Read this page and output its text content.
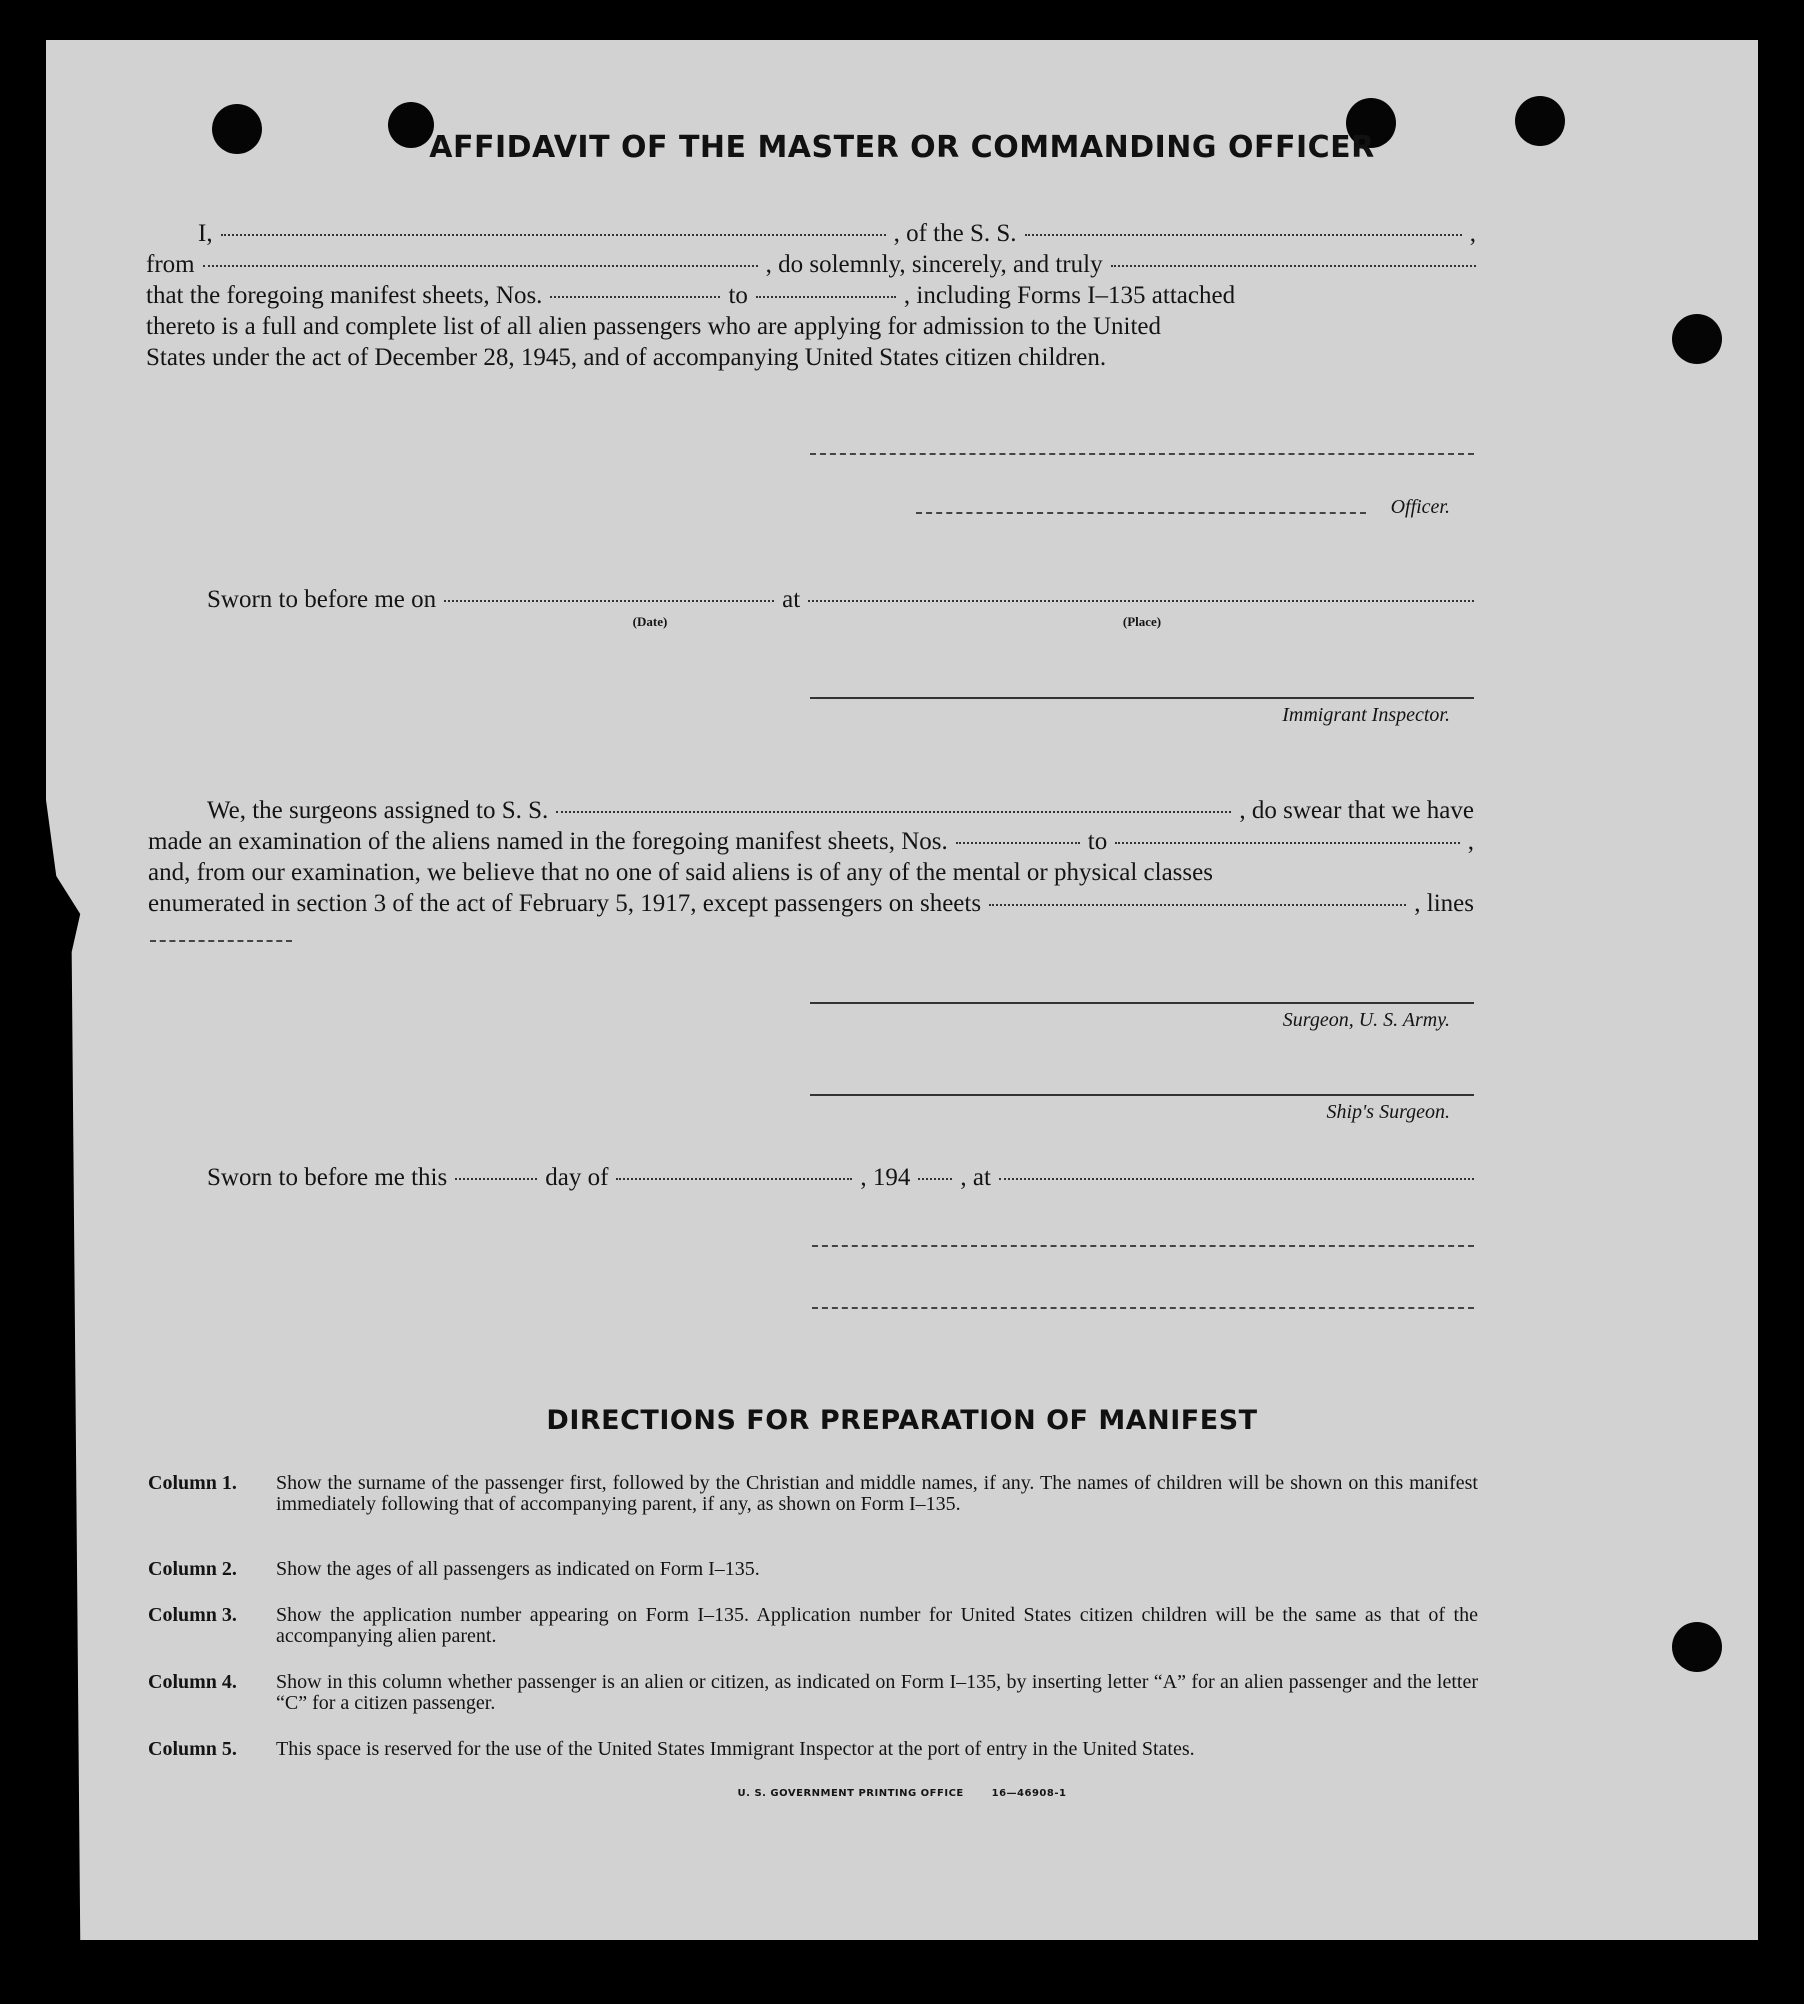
AFFIDAVIT OF THE MASTER OR COMMANDING OFFICER
I,	, of the S. S.	,
from	, do solemnly, sincerely, and truly
that the foregoing manifest sheets, Nos.	to	, including Forms I–135 attached
thereto is a full and complete list of all alien passengers who are applying for admission to the United
States under the act of December 28, 1945, and of accompanying United States citizen children.
Officer.
Sworn to before me on	at
(Date)	(Place)
Immigrant Inspector.
We, the surgeons assigned to S. S.	, do swear that we have
made an examination of the aliens named in the foregoing manifest sheets, Nos.	to	,
and, from our examination, we believe that no one of said aliens is of any of the mental or physical classes
enumerated in section 3 of the act of February 5, 1917, except passengers on sheets	, lines
Surgeon, U. S. Army.
Ship's Surgeon.
Sworn to before me this	day of	, 194 , at
DIRECTIONS FOR PREPARATION OF MANIFEST
Column 1.	Show the surname of the passenger first, followed by the Christian and middle names, if any. The names of children will be shown on this manifest immediately following that of accompanying parent, if any, as shown on Form I–135.
Column 2.	Show the ages of all passengers as indicated on Form I–135.
Column 3.	Show the application number appearing on Form I–135. Application number for United States citizen children will be the same as that of the accompanying alien parent.
Column 4.	Show in this column whether passenger is an alien or citizen, as indicated on Form I–135, by inserting letter “A” for an alien passenger and the letter “C” for a citizen passenger.
Column 5.	This space is reserved for the use of the United States Immigrant Inspector at the port of entry in the United States.
U. S. GOVERNMENT PRINTING OFFICE	16—46908-1
